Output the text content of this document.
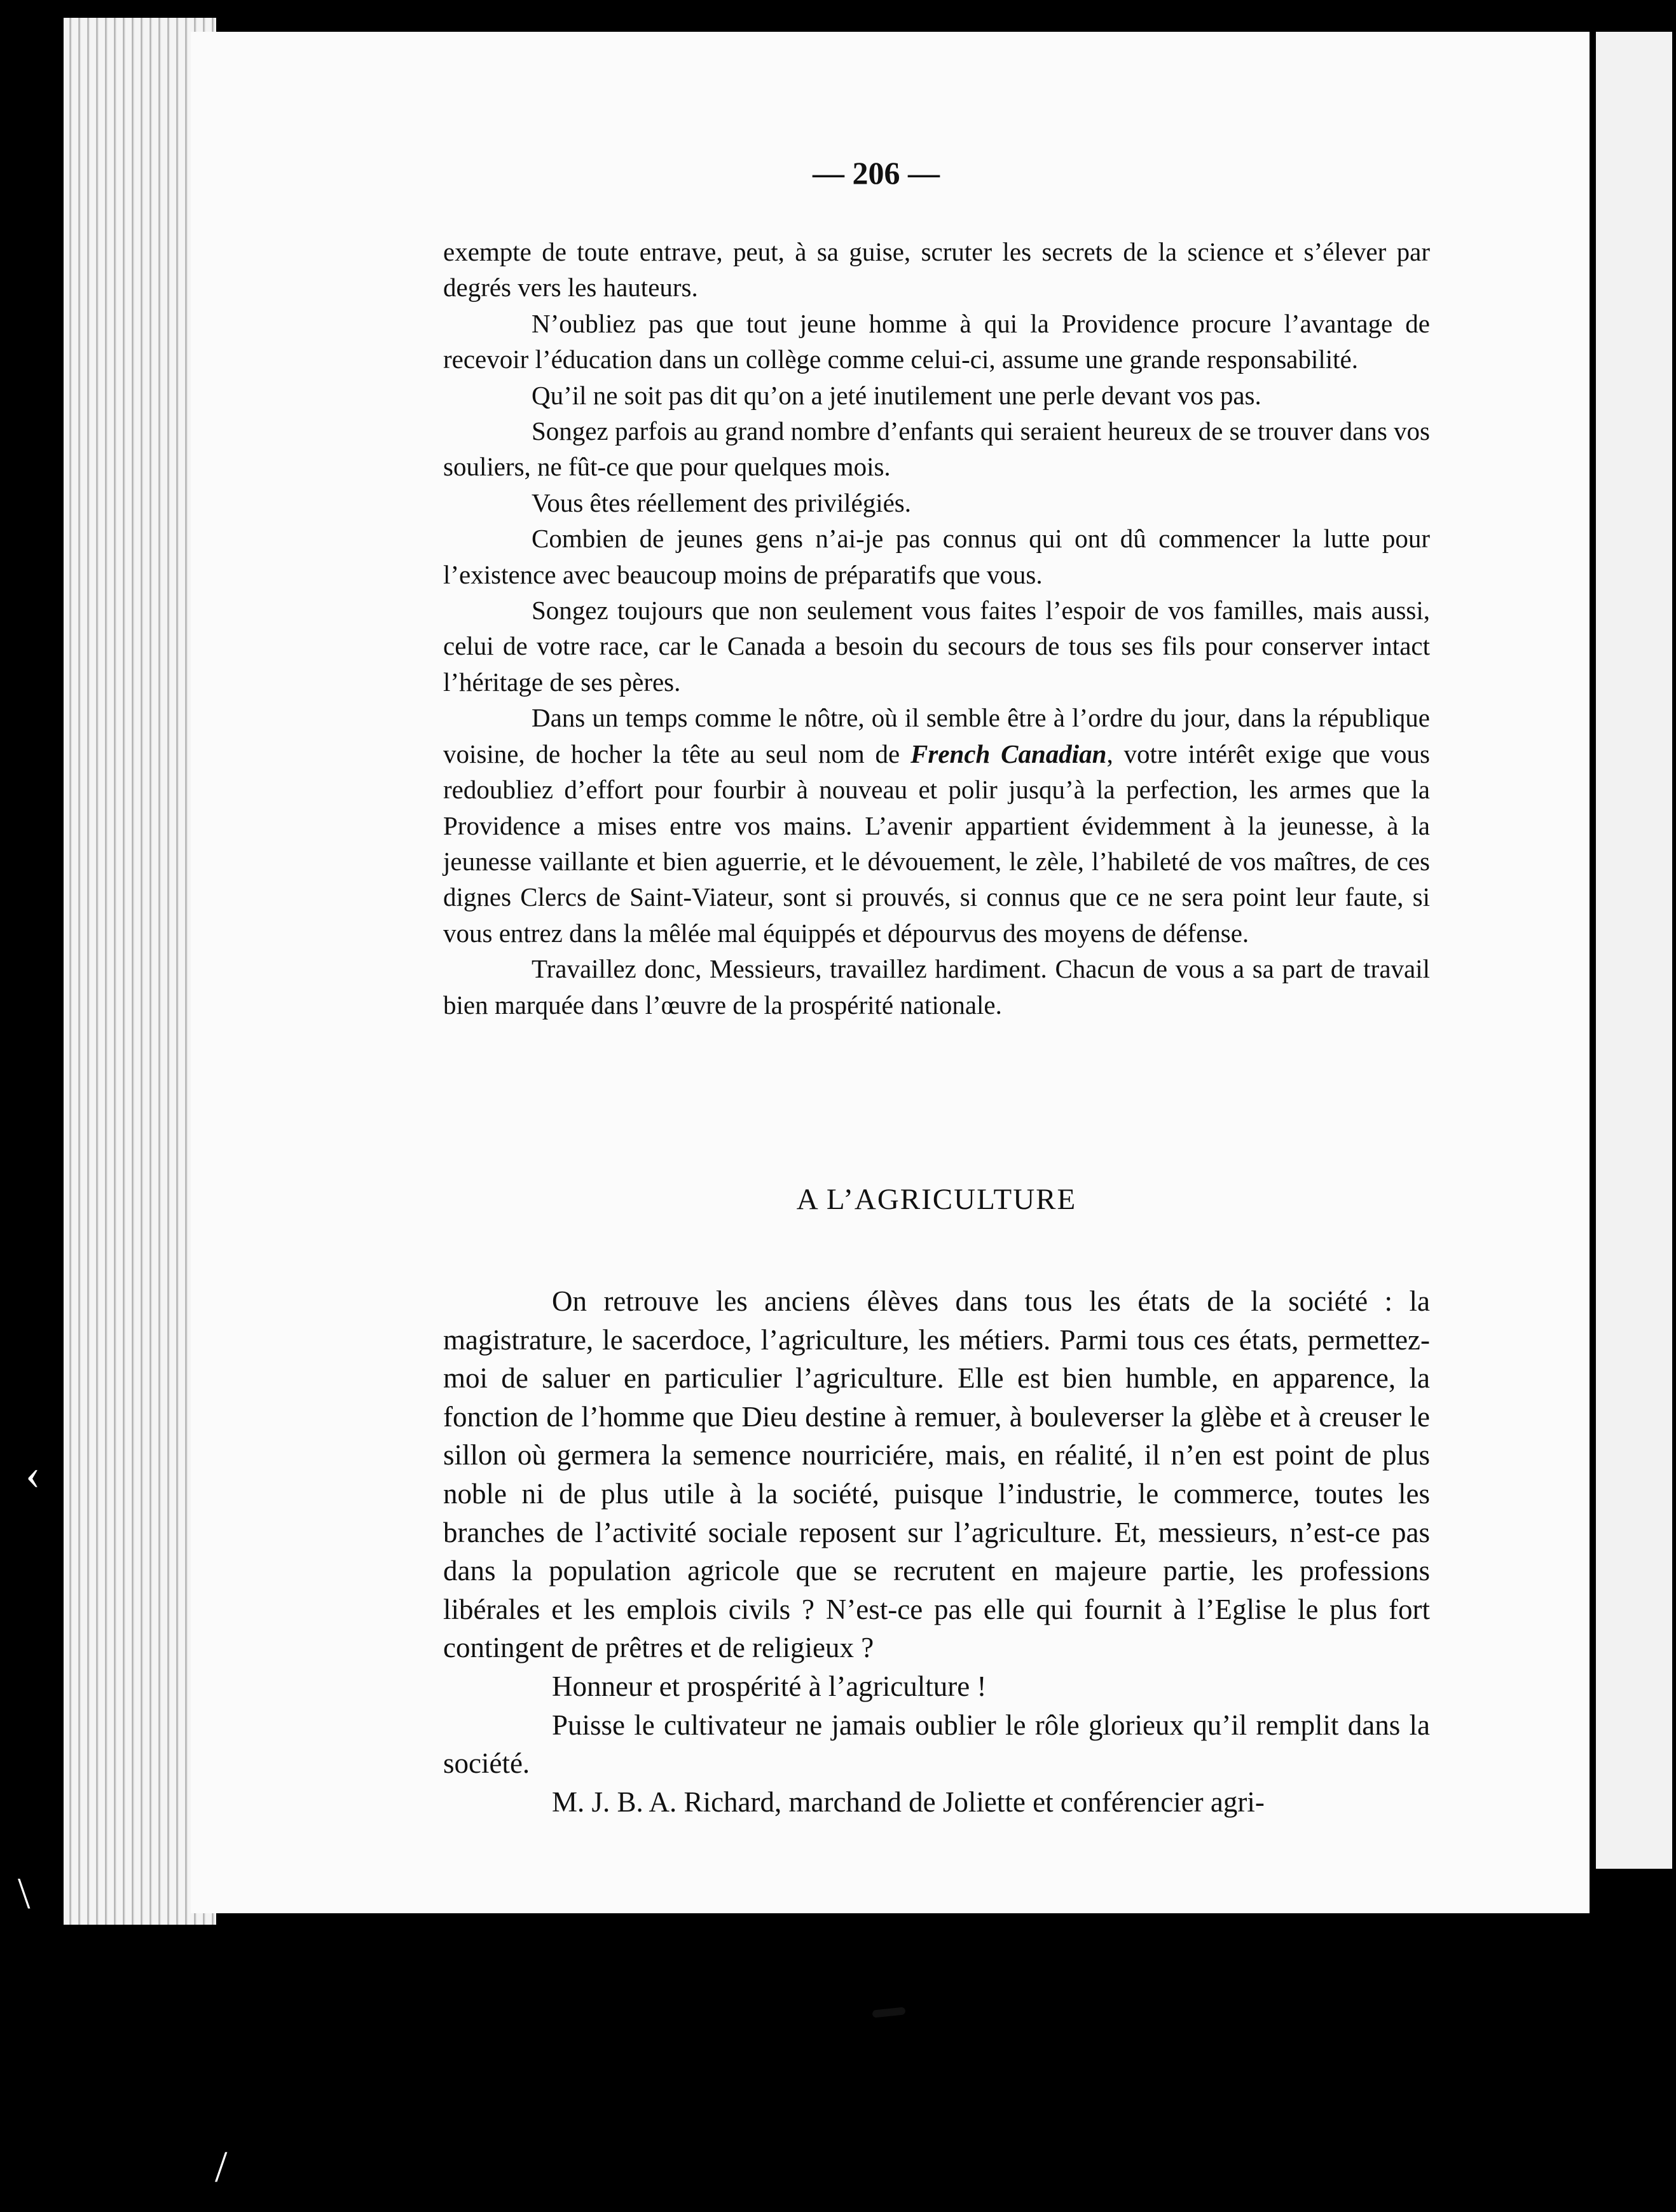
— 206 —

exempte de toute entrave, peut, à sa guise, scruter les secrets de la science et s’élever par degrés vers les hauteurs.

N’oubliez pas que tout jeune homme à qui la Providence procure l’avantage de recevoir l’éducation dans un collège comme celui-ci, assume une grande responsabilité.

Qu’il ne soit pas dit qu’on a jeté inutilement une perle devant vos pas.

Songez parfois au grand nombre d’enfants qui seraient heureux de se trouver dans vos souliers, ne fût-ce que pour quelques mois.

Vous êtes réellement des privilégiés.

Combien de jeunes gens n’ai-je pas connus qui ont dû commencer la lutte pour l’existence avec beaucoup moins de préparatifs que vous.

Songez toujours que non seulement vous faites l’espoir de vos familles, mais aussi, celui de votre race, car le Canada a besoin du secours de tous ses fils pour conserver intact l’héritage de ses pères.

Dans un temps comme le nôtre, où il semble être à l’ordre du jour, dans la république voisine, de hocher la tête au seul nom de French Canadian, votre intérêt exige que vous redoubliez d’effort pour fourbir à nouveau et polir jusqu’à la perfection, les armes que la Providence a mises entre vos mains. L’avenir appartient évidemment à la jeunesse, à la jeunesse vaillante et bien aguerrie, et le dévouement, le zèle, l’habileté de vos maîtres, de ces dignes Clercs de Saint-Viateur, sont si prouvés, si connus que ce ne sera point leur faute, si vous entrez dans la mêlée mal équippés et dépourvus des moyens de défense.

Travaillez donc, Messieurs, travaillez hardiment. Chacun de vous a sa part de travail bien marquée dans l’œuvre de la prospérité nationale.

A L’AGRICULTURE

On retrouve les anciens élèves dans tous les états de la société : la magistrature, le sacerdoce, l’agriculture, les métiers. Parmi tous ces états, permettez-moi de saluer en particulier l’agriculture. Elle est bien humble, en apparence, la fonction de l’homme que Dieu destine à remuer, à bouleverser la glèbe et à creuser le sillon où germera la semence nourriciére, mais, en réalité, il n’en est point de plus noble ni de plus utile à la société, puisque l’industrie, le commerce, toutes les branches de l’activité sociale reposent sur l’agriculture. Et, messieurs, n’est-ce pas dans la population agricole que se recrutent en majeure partie, les professions libérales et les emplois civils ? N’est-ce pas elle qui fournit à l’Eglise le plus fort contingent de prêtres et de religieux ?

Honneur et prospérité à l’agriculture !

Puisse le cultivateur ne jamais oublier le rôle glorieux qu’il remplit dans la société.

M. J. B. A. Richard, marchand de Joliette et conférencier agri-

‹
\
/
